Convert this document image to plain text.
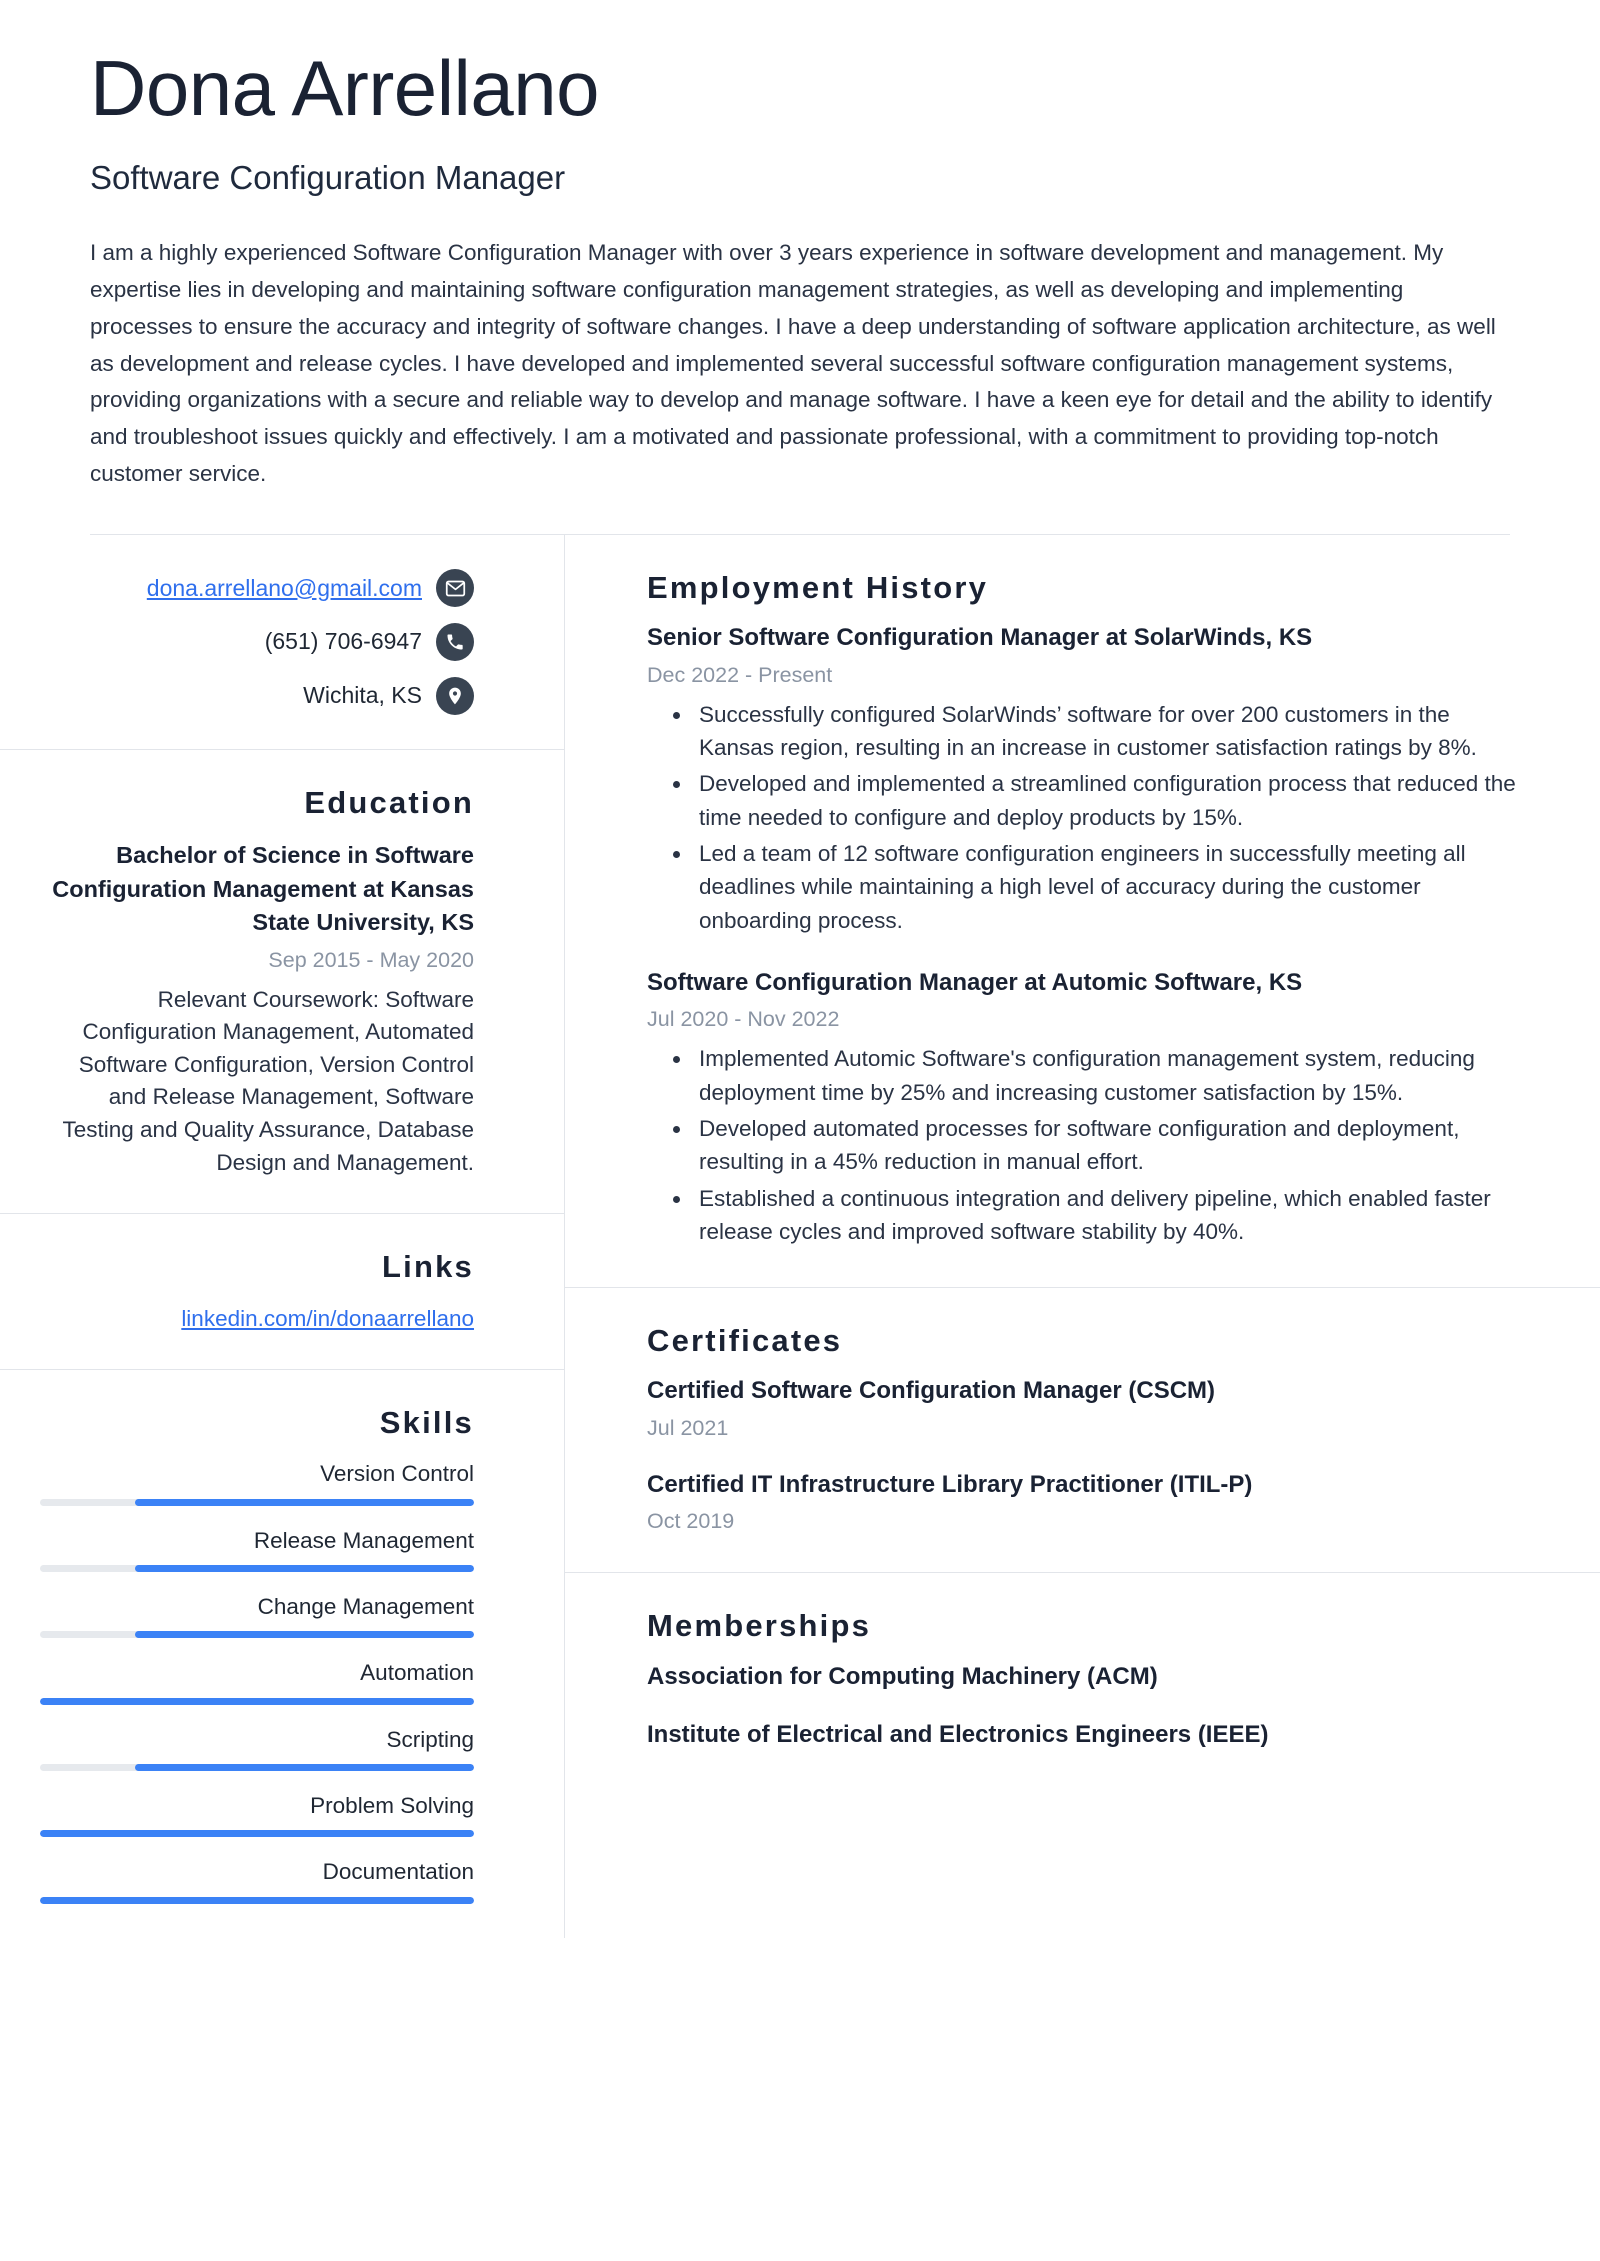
Dona Arrellano
Software Configuration Manager

I am a highly experienced Software Configuration Manager with over 3 years experience in software development and management. My expertise lies in developing and maintaining software configuration management strategies, as well as developing and implementing processes to ensure the accuracy and integrity of software changes. I have a deep understanding of software application architecture, as well as development and release cycles. I have developed and implemented several successful software configuration management systems, providing organizations with a secure and reliable way to develop and manage software. I have a keen eye for detail and the ability to identify and troubleshoot issues quickly and effectively. I am a motivated and passionate professional, with a commitment to providing top-notch customer service.

dona.arrellano@gmail.com
(651) 706-6947
Wichita, KS
Education
Bachelor of Science in Software Configuration Management at Kansas State University, KS
Sep 2015 - May 2020
Relevant Coursework: Software Configuration Management, Automated Software Configuration, Version Control and Release Management, Software Testing and Quality Assurance, Database Design and Management.
Links
linkedin.com/in/donaarrellano
Skills
Version Control
Release Management
Change Management
Automation
Scripting
Problem Solving
Documentation
Employment History
Senior Software Configuration Manager at SolarWinds, KS
Dec 2022 - Present
• Successfully configured SolarWinds’ software for over 200 customers in the Kansas region, resulting in an increase in customer satisfaction ratings by 8%.
• Developed and implemented a streamlined configuration process that reduced the time needed to configure and deploy products by 15%.
• Led a team of 12 software configuration engineers in successfully meeting all deadlines while maintaining a high level of accuracy during the customer onboarding process.
Software Configuration Manager at Automic Software, KS
Jul 2020 - Nov 2022
• Implemented Automic Software's configuration management system, reducing deployment time by 25% and increasing customer satisfaction by 15%.
• Developed automated processes for software configuration and deployment, resulting in a 45% reduction in manual effort.
• Established a continuous integration and delivery pipeline, which enabled faster release cycles and improved software stability by 40%.
Certificates
Certified Software Configuration Manager (CSCM)
Jul 2021
Certified IT Infrastructure Library Practitioner (ITIL-P)
Oct 2019
Memberships
Association for Computing Machinery (ACM)
Institute of Electrical and Electronics Engineers (IEEE)
